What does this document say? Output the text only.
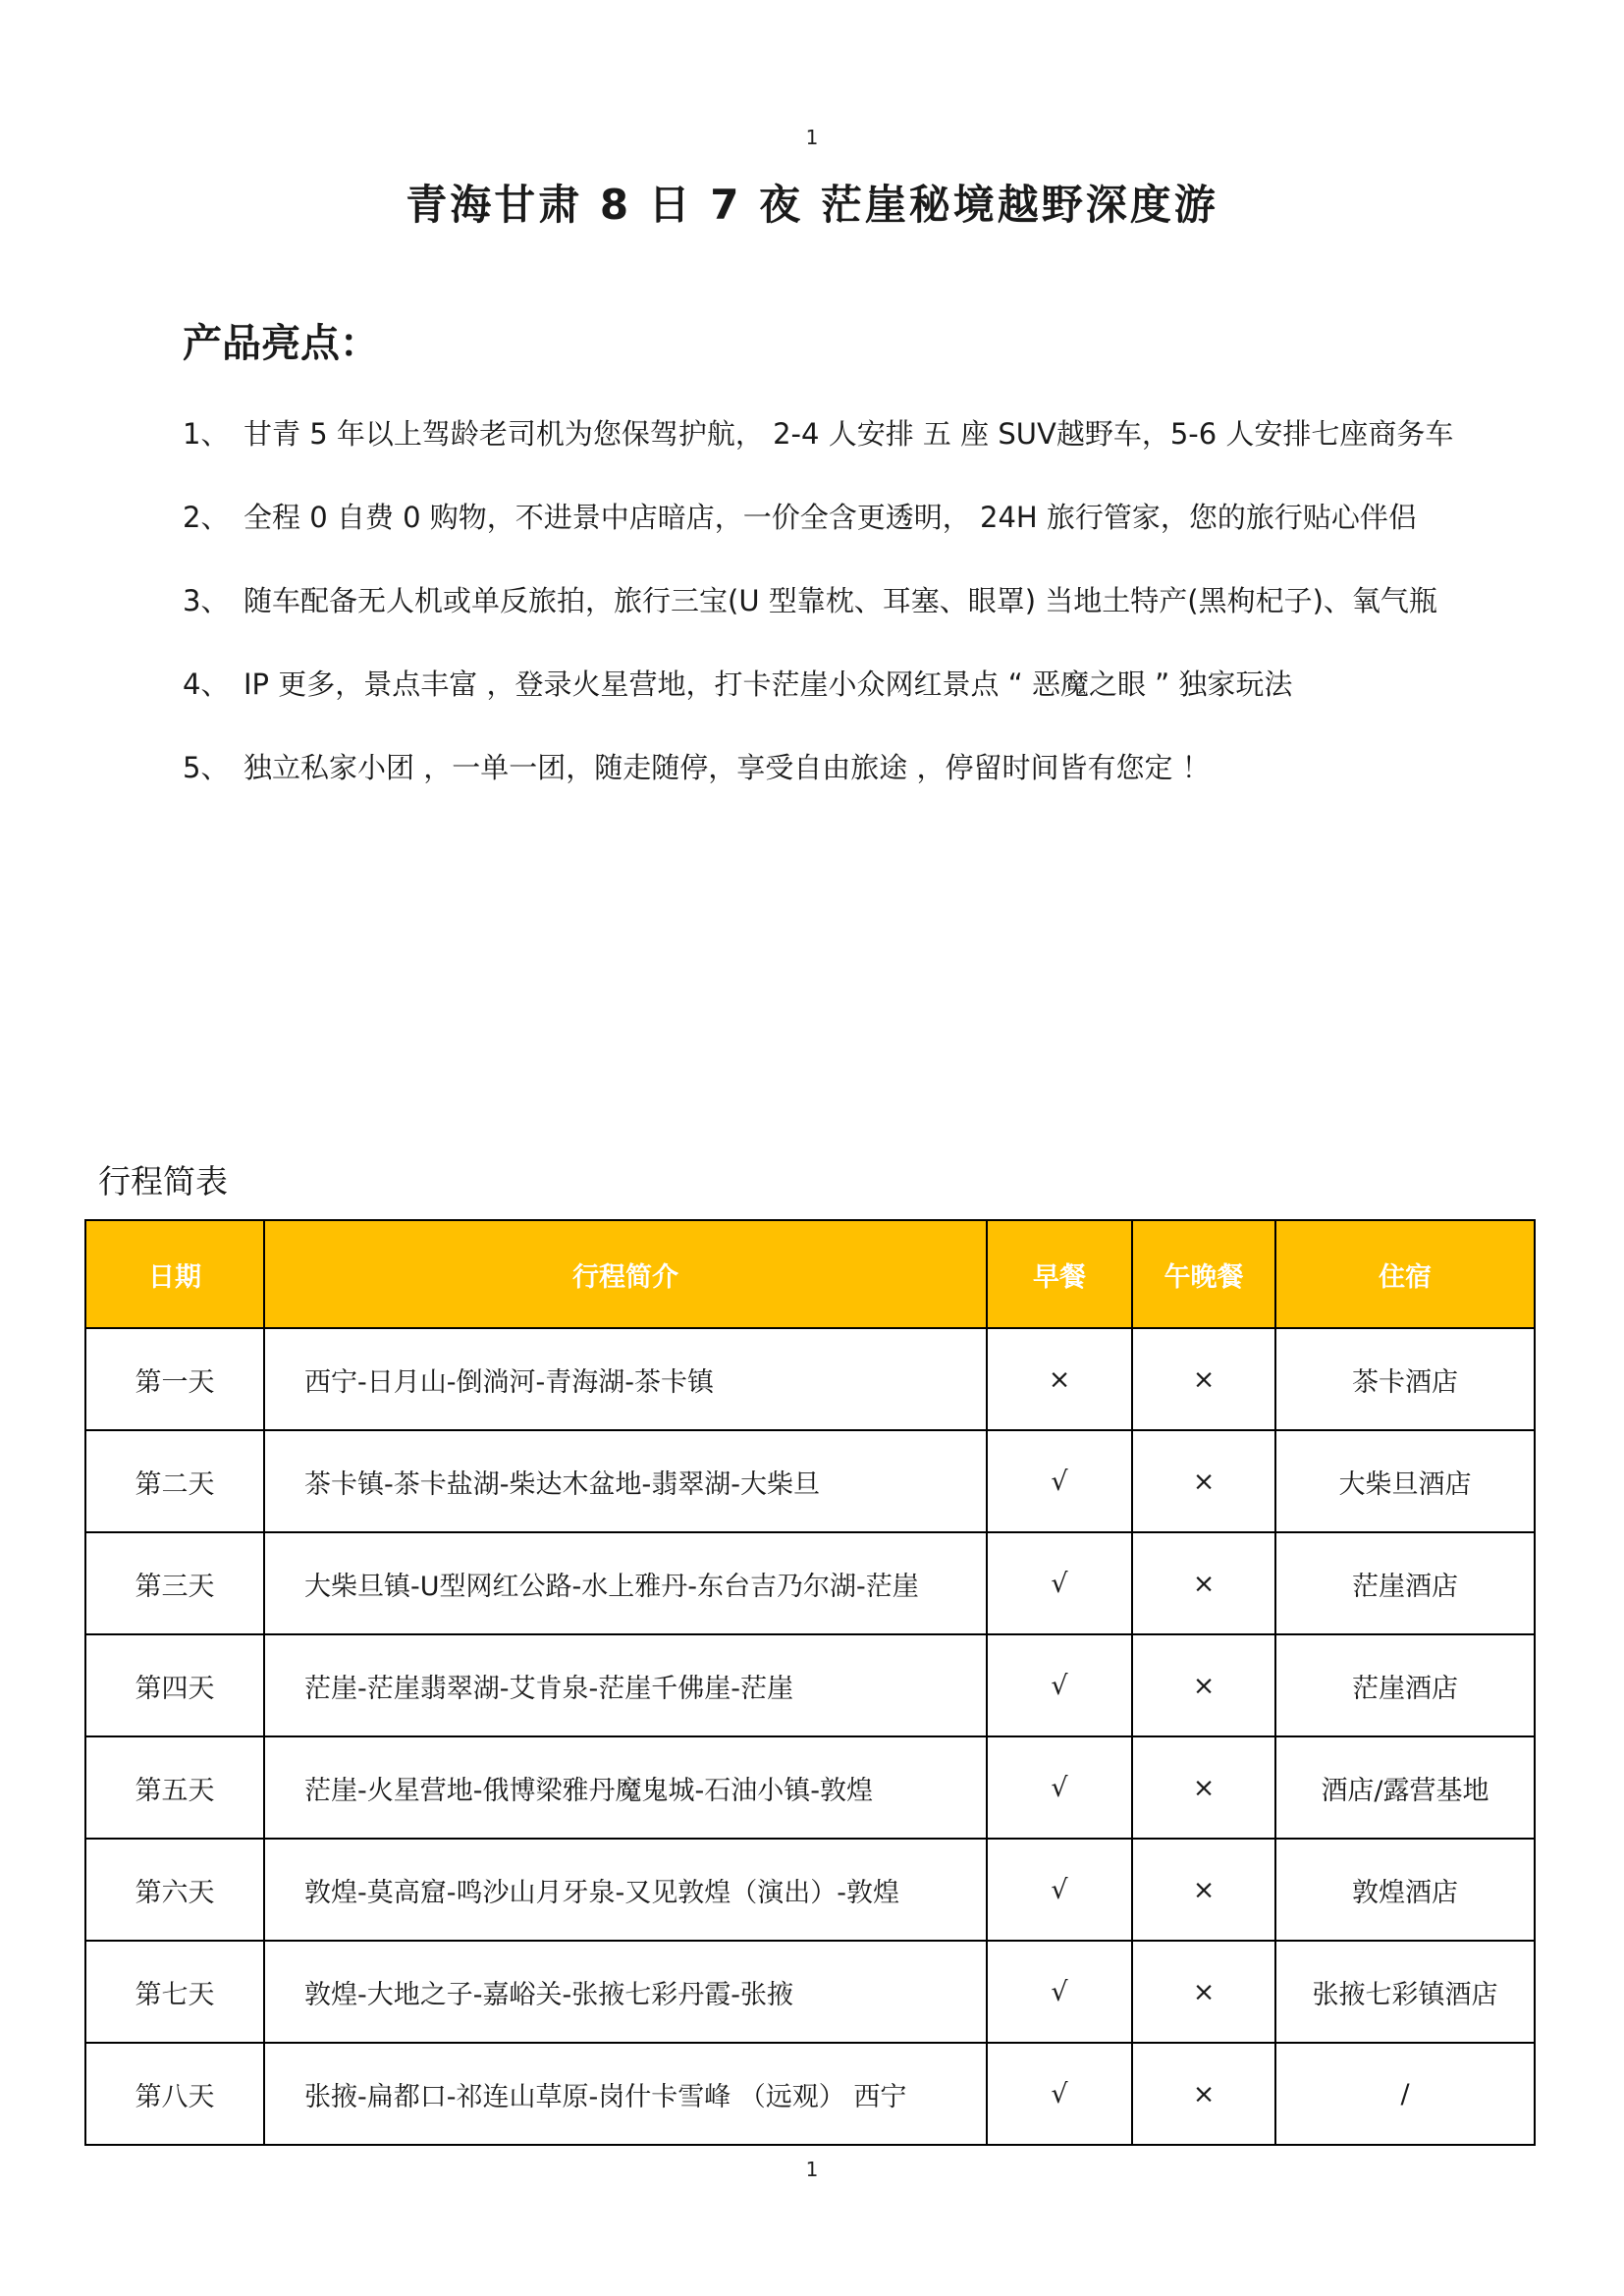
1
青海甘肃 8 日 7 夜 茫崖秘境越野深度游
产品亮点：
1、 甘青 5 年以上驾龄老司机为您保驾护航， 2-4 人安排 五 座 SUV越野车，5-6 人安排七座商务车
2、 全程 0 自费 0 购物，不进景中店暗店，一价全含更透明， 24H 旅行管家，您的旅行贴心伴侣
3、 随车配备无人机或单反旅拍，旅行三宝(U 型靠枕、耳塞、眼罩) 当地土特产(黑枸杞子)、氧气瓶
4、 IP 更多，景点丰富 ，登录火星营地，打卡茫崖小众网红景点 “ 恶魔之眼 ” 独家玩法
5、 独立私家小团 ，一单一团，随走随停，享受自由旅途 ，停留时间皆有您定 ！
行程简表
日期	行程简介	早餐	午晚餐	住宿
第一天	西宁-日月山-倒淌河-青海湖-茶卡镇	×	×	茶卡酒店
第二天	茶卡镇-茶卡盐湖-柴达木盆地-翡翠湖-大柴旦	√	×	大柴旦酒店
第三天	大柴旦镇-U型网红公路-水上雅丹-东台吉乃尔湖-茫崖	√	×	茫崖酒店
第四天	茫崖-茫崖翡翠湖-艾肯泉-茫崖千佛崖-茫崖	√	×	茫崖酒店
第五天	茫崖-火星营地-俄博梁雅丹魔鬼城-石油小镇-敦煌	√	×	酒店/露营基地
第六天	敦煌-莫高窟-鸣沙山月牙泉-又见敦煌（演出）-敦煌	√	×	敦煌酒店
第七天	敦煌-大地之子-嘉峪关-张掖七彩丹霞-张掖	√	×	张掖七彩镇酒店
第八天	张掖-扁都口-祁连山草原-岗什卡雪峰 （远观） 西宁	√	×	/
1
